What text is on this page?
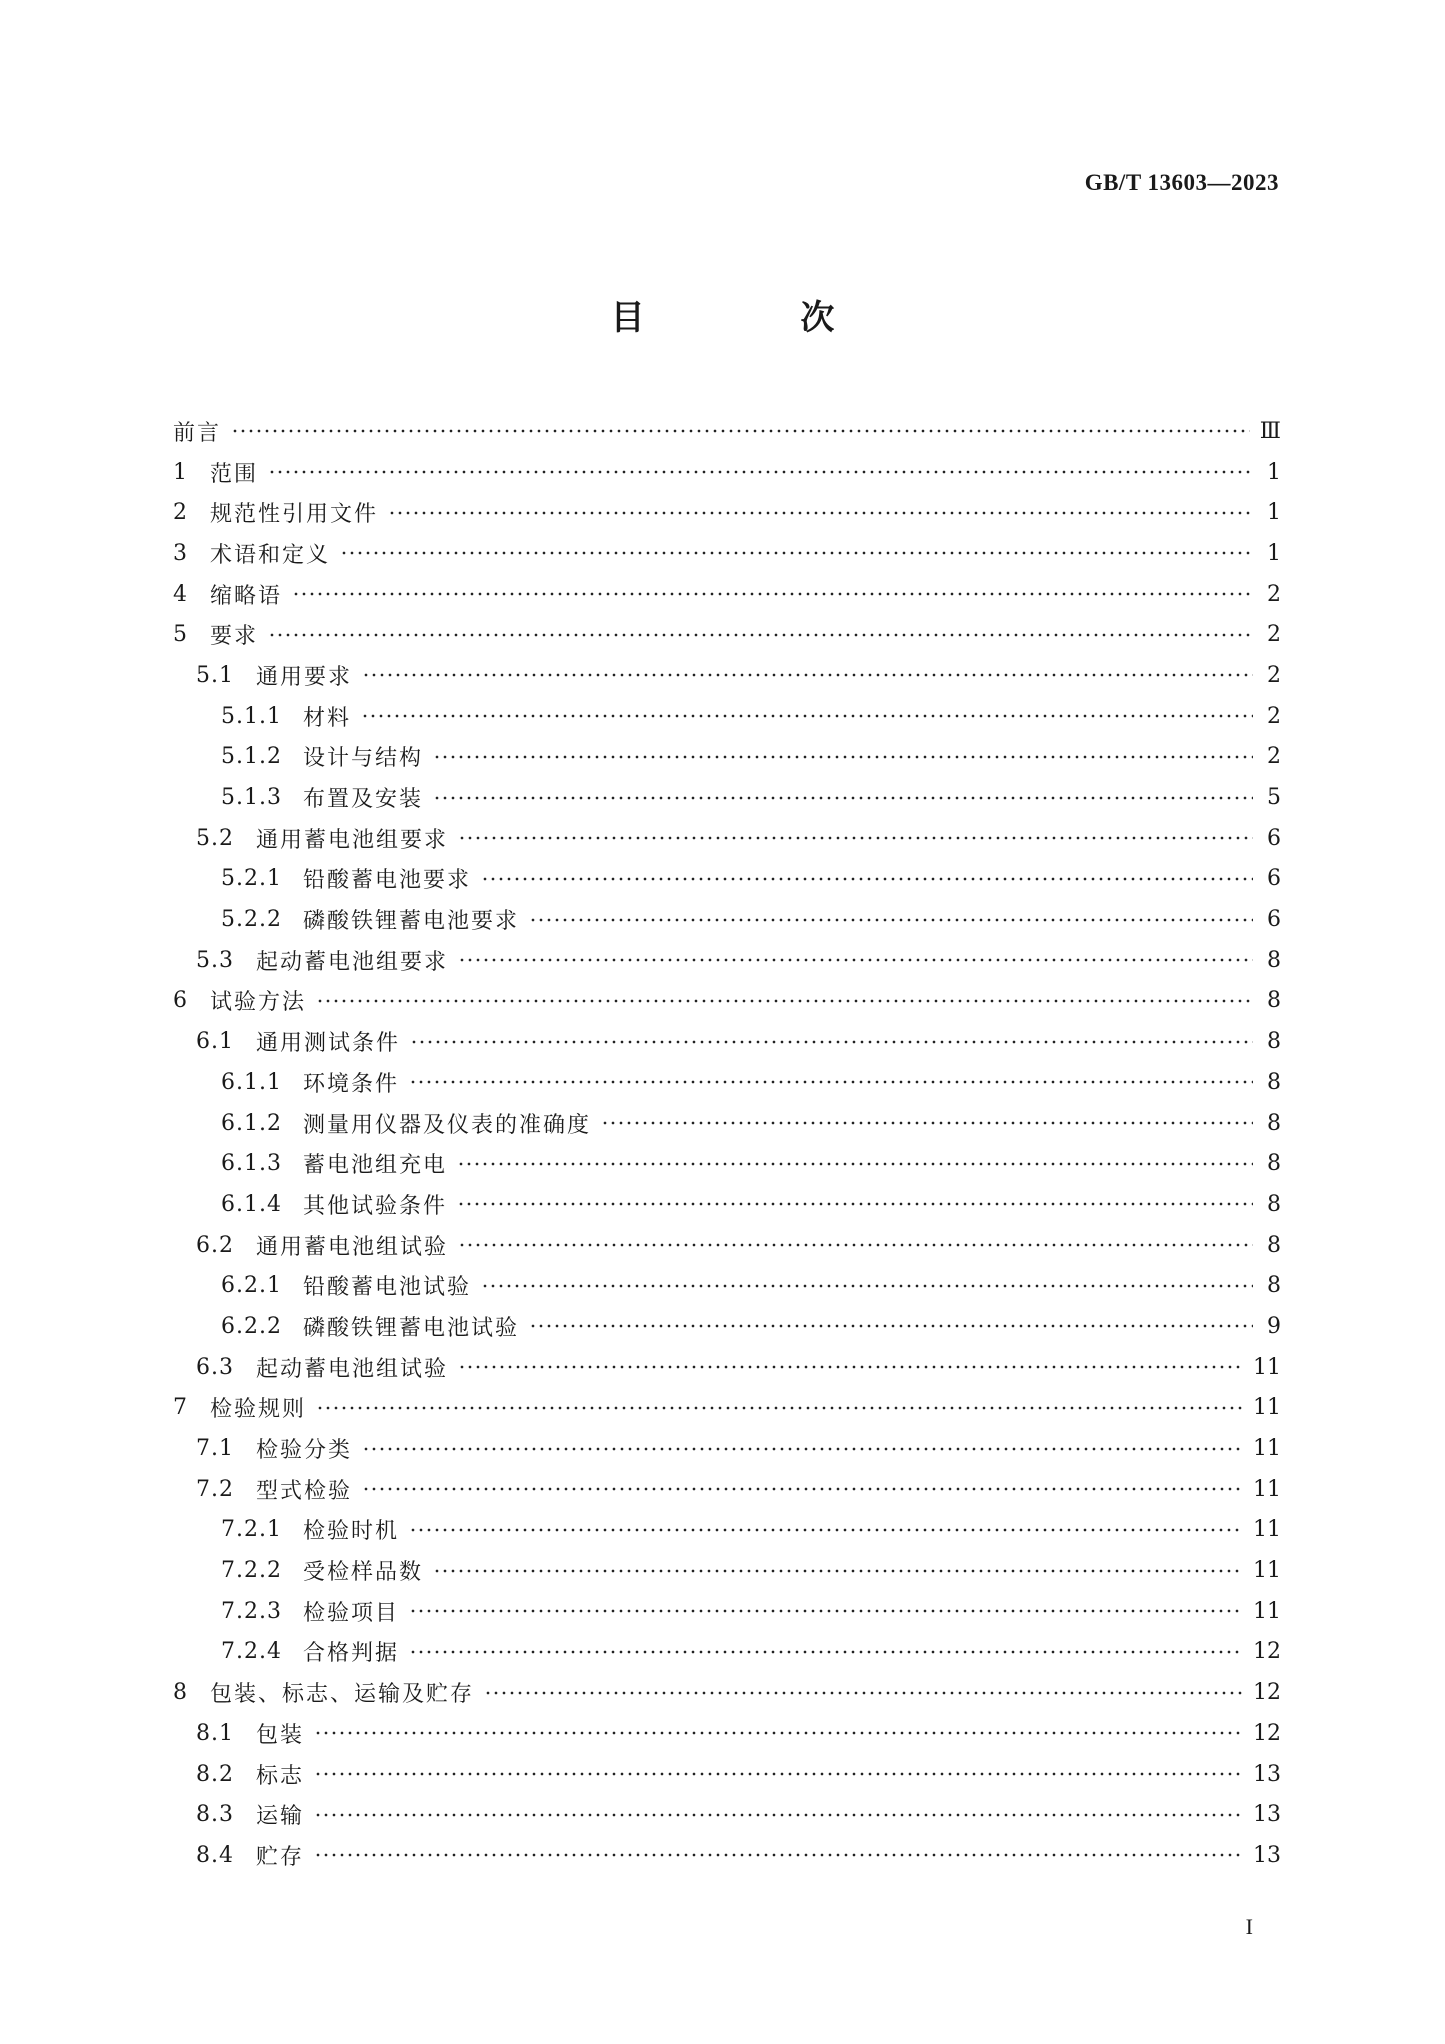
GB/T 13603—2023
目 次
前言	Ⅲ
1	范围	1
2	规范性引用文件	1
3	术语和定义	1
4	缩略语	2
5	要求	2
5.1	通用要求	2
5.1.1 材料	2
5.1.2 设计与结构	2
5.1.3 布置及安装	5
5.2	通用蓄电池组要求	6
5.2.1 铅酸蓄电池要求	6
5.2.2 磷酸铁锂蓄电池要求	6
5.3	起动蓄电池组要求	8
6	试验方法	8
6.1	通用测试条件	8
6.1.1 环境条件	8
6.1.2 测量用仪器及仪表的准确度	8
6.1.3 蓄电池组充电	8
6.1.4 其他试验条件	8
6.2	通用蓄电池组试验	8
6.2.1 铅酸蓄电池试验	8
6.2.2 磷酸铁锂蓄电池试验	9
6.3	起动蓄电池组试验	11
7	检验规则	11
7.1	检验分类	11
7.2	型式检验	11
7.2.1 检验时机	11
7.2.2 受检样品数	11
7.2.3 检验项目	11
7.2.4 合格判据	12
8	包装、标志、运输及贮存	12
8.1	包装	12
8.2	标志	13
8.3	运输	13
8.4	贮存	13
I
